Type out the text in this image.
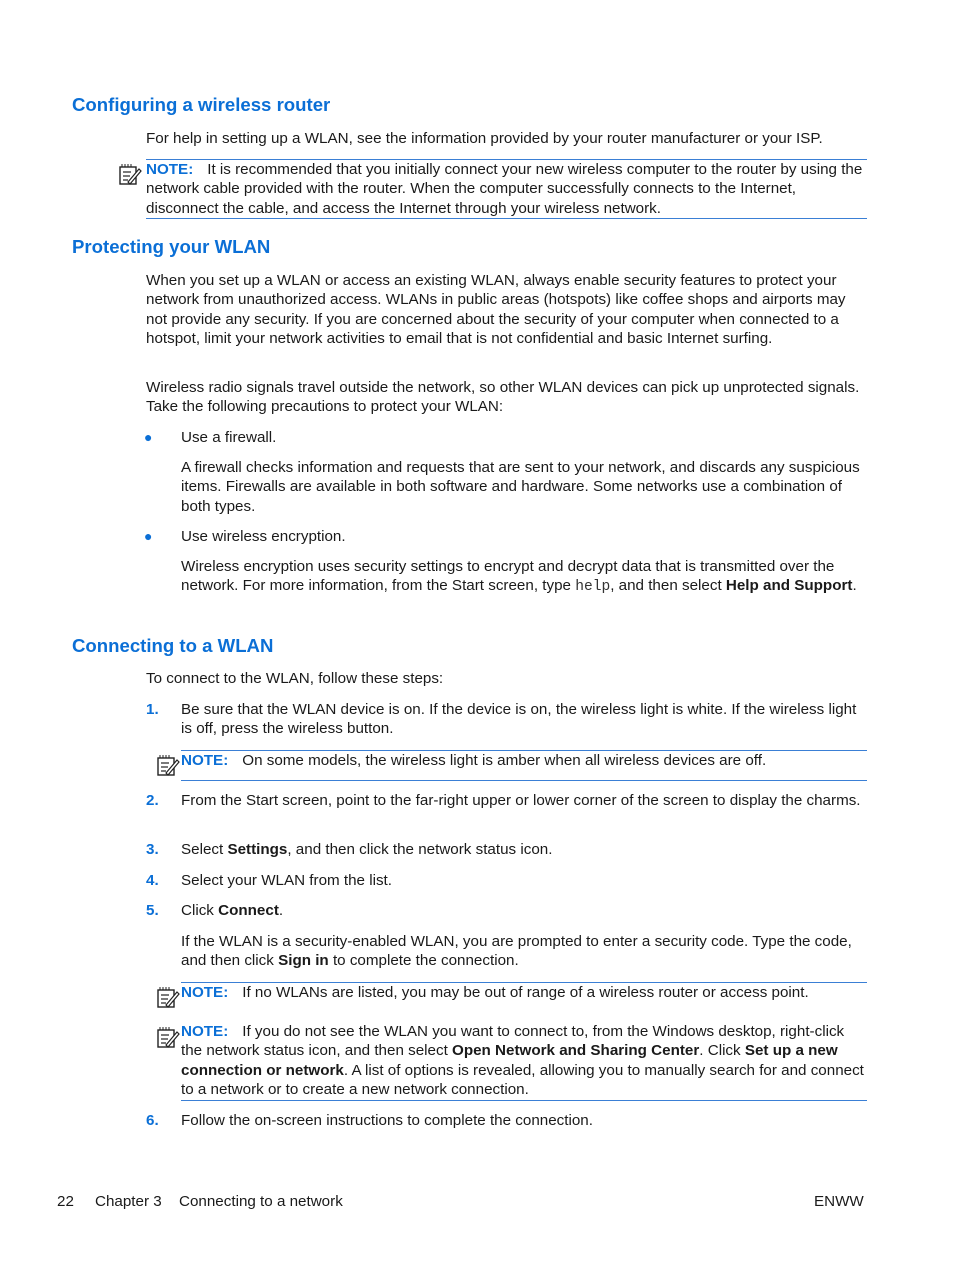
Configuring a wireless router

For help in setting up a WLAN, see the information provided by your router manufacturer or your ISP.

NOTE: It is recommended that you initially connect your new wireless computer to the router by using the network cable provided with the router. When the computer successfully connects to the Internet, disconnect the cable, and access the Internet through your wireless network.

Protecting your WLAN

When you set up a WLAN or access an existing WLAN, always enable security features to protect your network from unauthorized access. WLANs in public areas (hotspots) like coffee shops and airports may not provide any security. If you are concerned about the security of your computer when connected to a hotspot, limit your network activities to email that is not confidential and basic Internet surfing.

Wireless radio signals travel outside the network, so other WLAN devices can pick up unprotected signals. Take the following precautions to protect your WLAN:

● Use a firewall.

A firewall checks information and requests that are sent to your network, and discards any suspicious items. Firewalls are available in both software and hardware. Some networks use a combination of both types.

● Use wireless encryption.

Wireless encryption uses security settings to encrypt and decrypt data that is transmitted over the network. For more information, from the Start screen, type help, and then select Help and Support.

Connecting to a WLAN

To connect to the WLAN, follow these steps:

1. Be sure that the WLAN device is on. If the device is on, the wireless light is white. If the wireless light is off, press the wireless button.

NOTE: On some models, the wireless light is amber when all wireless devices are off.

2. From the Start screen, point to the far-right upper or lower corner of the screen to display the charms.

3. Select Settings, and then click the network status icon.

4. Select your WLAN from the list.

5. Click Connect.

If the WLAN is a security-enabled WLAN, you are prompted to enter a security code. Type the code, and then click Sign in to complete the connection.

NOTE: If no WLANs are listed, you may be out of range of a wireless router or access point.

NOTE: If you do not see the WLAN you want to connect to, from the Windows desktop, right-click the network status icon, and then select Open Network and Sharing Center. Click Set up a new connection or network. A list of options is revealed, allowing you to manually search for and connect to a network or to create a new network connection.

6. Follow the on-screen instructions to complete the connection.

22 Chapter 3 Connecting to a network	ENWW
